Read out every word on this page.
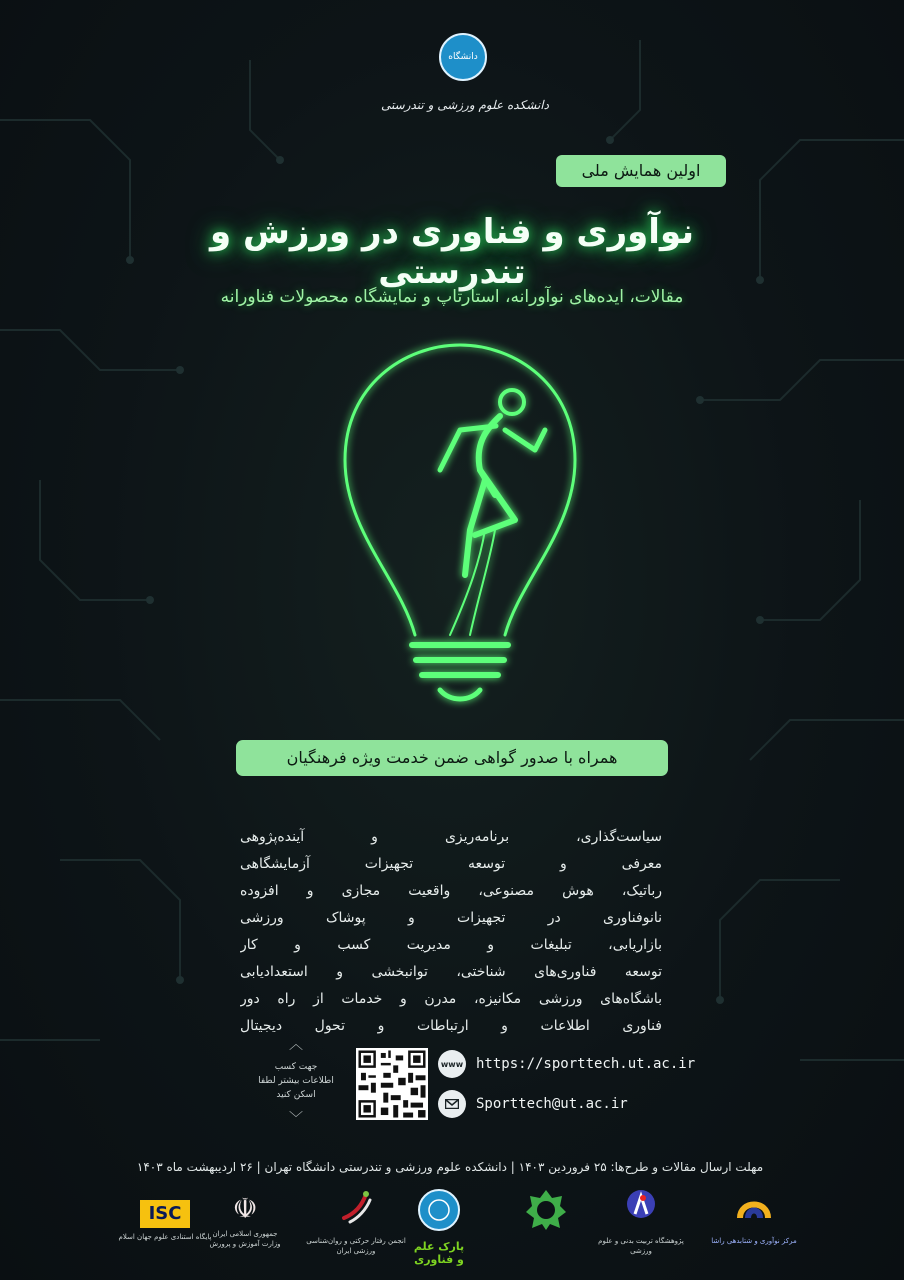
دانشگاه
دانشکده علوم ورزشی و تندرستی
اولین همایش ملی
نوآوری و فناوری در ورزش و تندرستی
مقالات، ایده‌های نوآورانه، استارتاپ و نمایشگاه محصولات فناورانه
همراه با صدور گواهی ضمن خدمت ویژه فرهنگیان
سیاست‌گذاری، برنامه‌ریزی و آینده‌پژوهی
معرفی و توسعه تجهیزات آزمایشگاهی
رباتیک، هوش مصنوعی، واقعیت مجازی و افزوده
نانوفناوری در تجهیزات و پوشاک ورزشی
بازاریابی، تبلیغات و مدیریت کسب و کار
توسعه فناوری‌های شناختی، توانبخشی و استعدادیابی
باشگاه‌های ورزشی مکانیزه، مدرن و خدمات از راه دور
فناوری اطلاعات و ارتباطات و تحول دیجیتال
︿
جهت کسب
اطلاعات بیشتر لطفا
اسکن کنید
﹀
www https://sporttech.ut.ac.ir
Sporttech@ut.ac.ir
مهلت ارسال مقالات و طرح‌ها: ۲۵ فروردین ۱۴۰۳ | دانشکده علوم ورزشی و تندرستی دانشگاه تهران | ۲۶ اردیبهشت ماه ۱۴۰۳
ISC
پایگاه استنادی علوم جهان اسلام
☫
جمهوری اسلامی ایران
وزارت آموزش و پرورش	انجمن رفتار حرکتی و روان‌شناسی ورزشی ایران	پارک علم و فناوری
پژوهشگاه تربیت بدنی و علوم ورزشی
مرکز نوآوری و شتابدهی راشا
